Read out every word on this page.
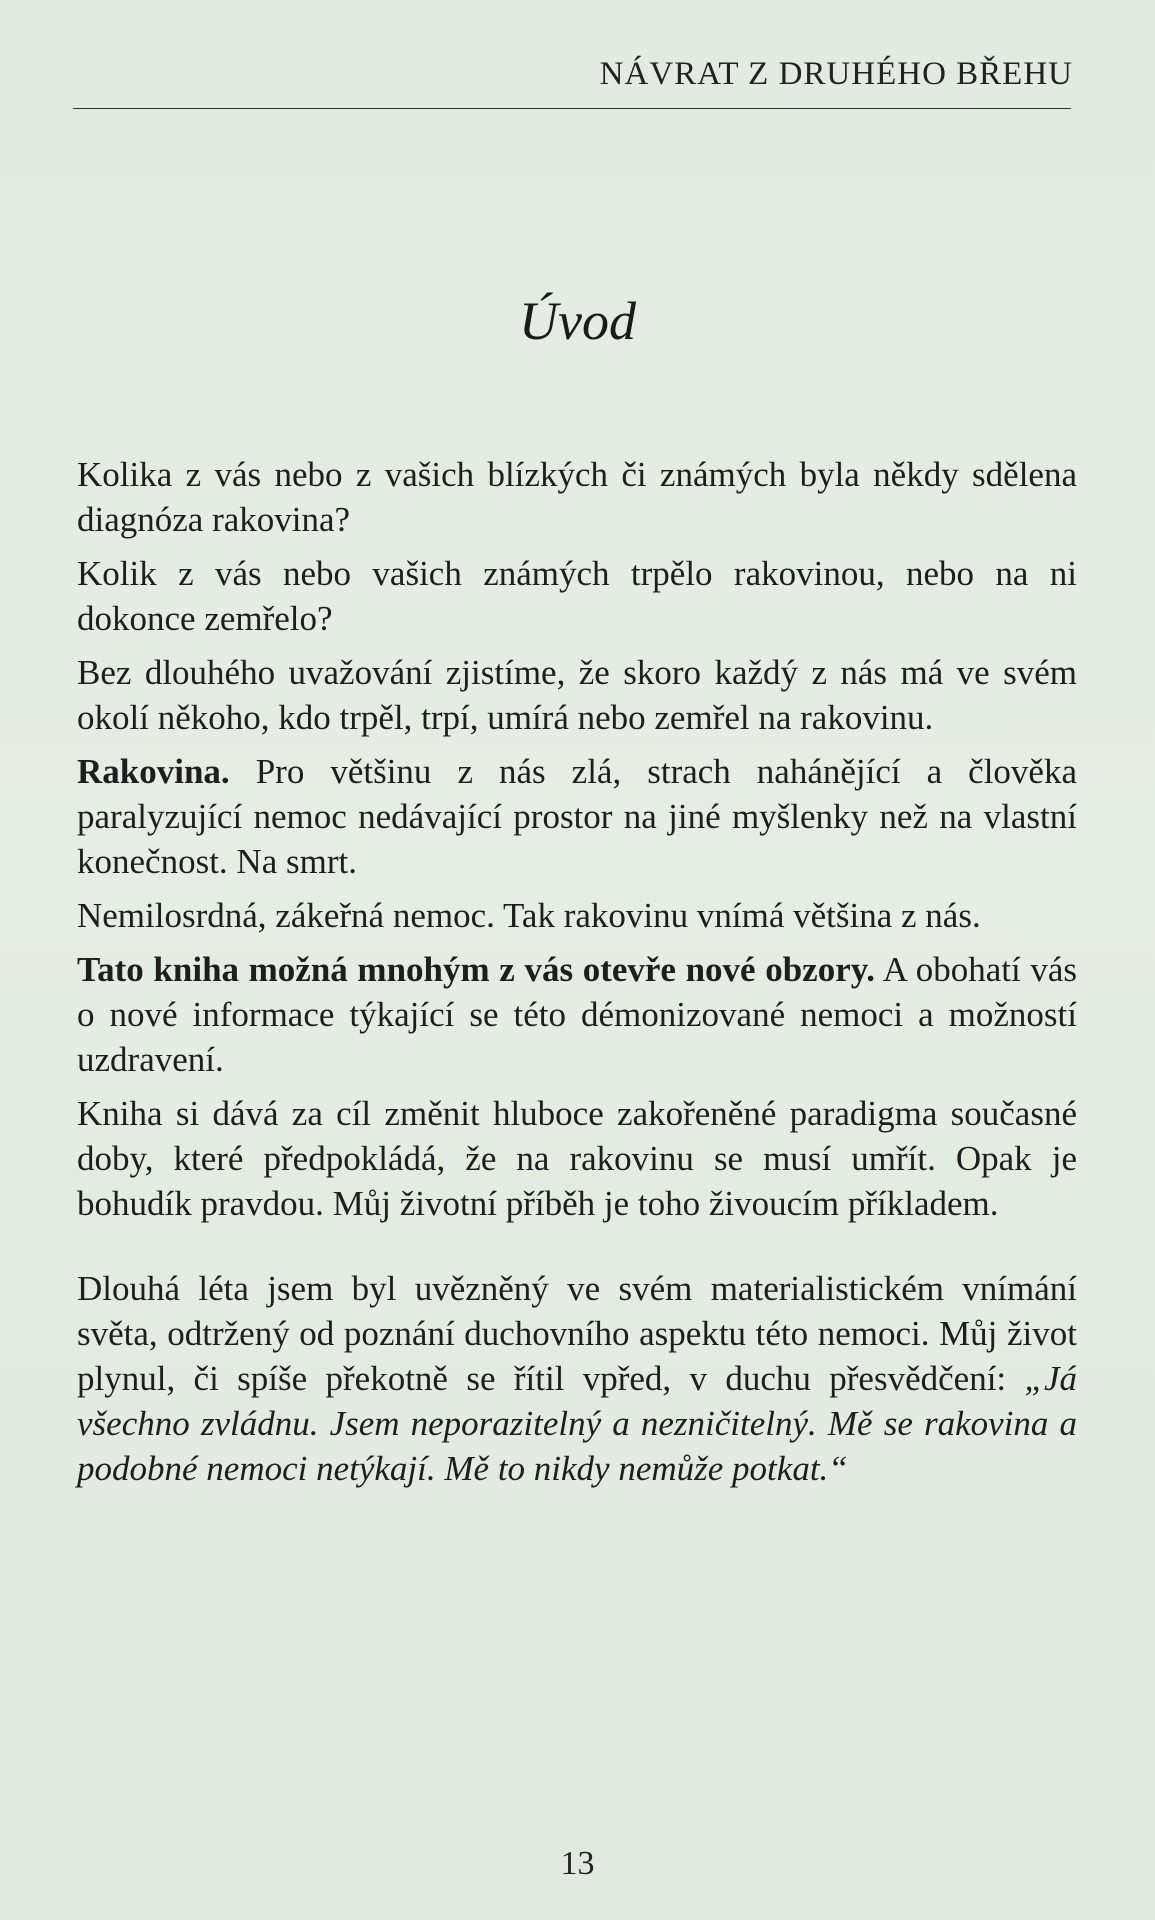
NÁVRAT Z DRUHÉHO BŘEHU
Úvod

Kolika z vás nebo z vašich blízkých či známých byla někdy sdělena diagnóza rakovina?

Kolik z vás nebo vašich známých trpělo rakovinou, nebo na ni dokonce zemřelo?

Bez dlouhého uvažování zjistíme, že skoro každý z nás má ve svém okolí někoho, kdo trpěl, trpí, umírá nebo zemřel na rakovinu.

Rakovina. Pro většinu z nás zlá, strach nahánějící a člověka paralyzující nemoc nedávající prostor na jiné myšlenky než na vlastní konečnost. Na smrt.

Nemilosrdná, zákeřná nemoc. Tak rakovinu vnímá většina z nás.

Tato kniha možná mnohým z vás otevře nové obzory. A obohatí vás o nové informace týkající se této démonizované nemoci a možností uzdravení.

Kniha si dává za cíl změnit hluboce zakořeněné paradigma současné doby, které předpokládá, že na rakovinu se musí umřít. Opak je bohudík pravdou. Můj životní příběh je toho živoucím příkladem.

Dlouhá léta jsem byl uvězněný ve svém materialistickém vnímání světa, odtržený od poznání duchovního aspektu této nemoci. Můj život plynul, či spíše překotně se řítil vpřed, v duchu přesvědčení: „Já všechno zvládnu. Jsem neporazitelný a nezničitelný. Mě se rakovina a podobné nemoci netýkají. Mě to nikdy nemůže potkat.“

13
